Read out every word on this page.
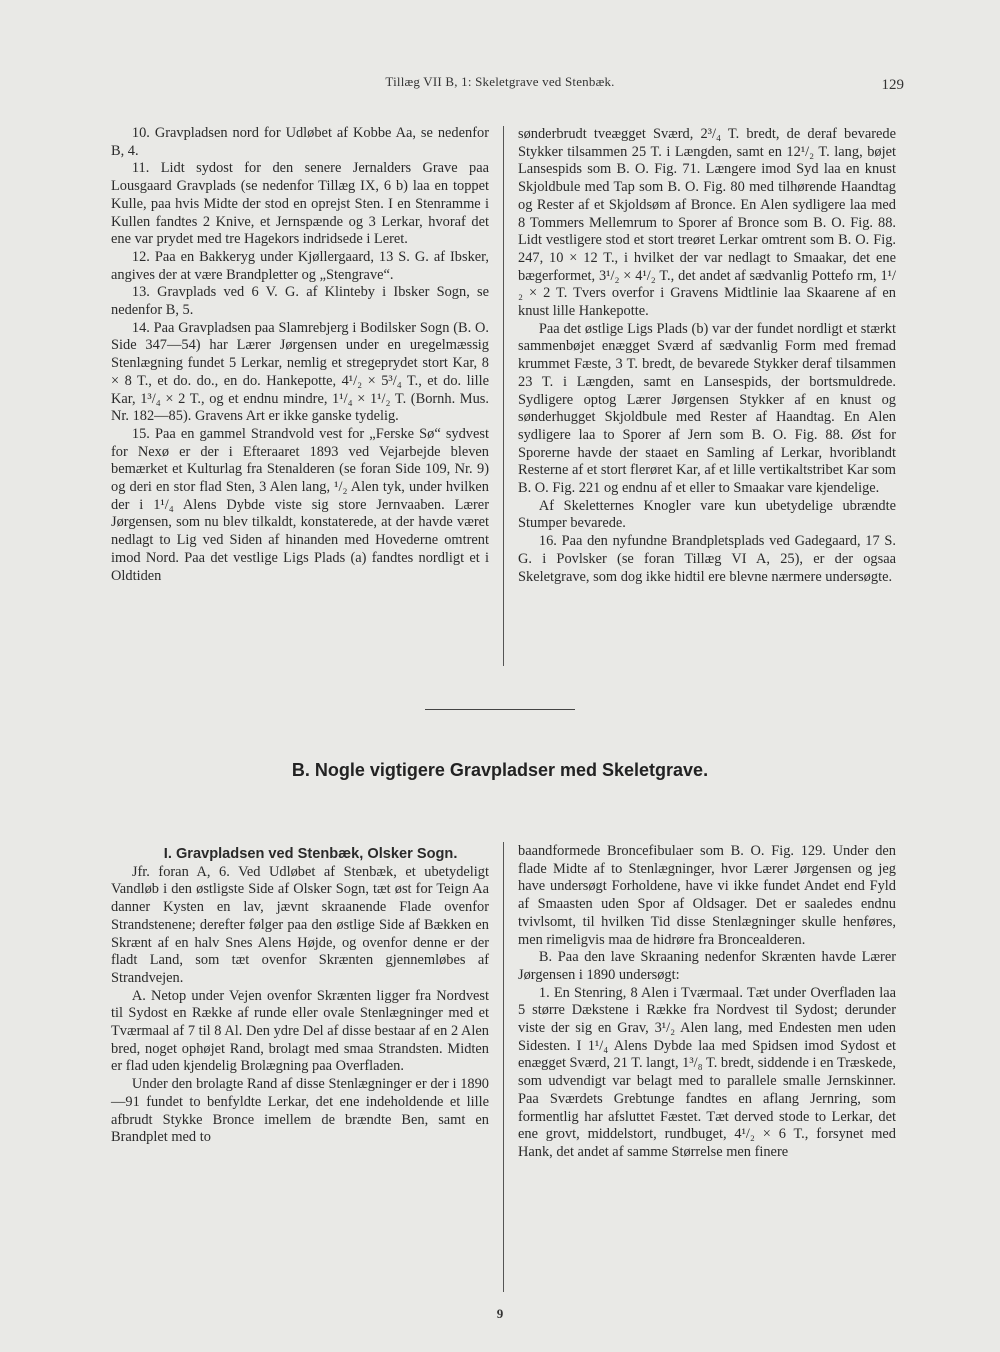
Tillæg VII B, 1: Skeletgrave ved Stenbæk.	129

10. Gravpladsen nord for Udløbet af Kobbe Aa, se nedenfor B, 4.

11. Lidt sydost for den senere Jernalders Grave paa Lousgaard Gravplads (se nedenfor Tillæg IX, 6 b) laa en toppet Kulle, paa hvis Midte der stod en oprejst Sten. I en Stenramme i Kullen fandtes 2 Knive, et Jernspænde og 3 Lerkar, hvoraf det ene var prydet med tre Hagekors indridsede i Leret.

12. Paa en Bakkeryg under Kjøllergaard, 13 S. G. af Ibsker, angives der at være Brandpletter og „Stengrave“.

13. Gravplads ved 6 V. G. af Klinteby i Ibsker Sogn, se nedenfor B, 5.

14. Paa Gravpladsen paa Slamrebjerg i Bodilsker Sogn (B. O. Side 347—54) har Lærer Jørgensen under en uregelmæssig Stenlægning fundet 5 Lerkar, nemlig et stregeprydet stort Kar, 8 × 8 T., et do. do., en do. Hankepotte, 4¹/₂ × 5³/₄ T., et do. lille Kar, 1³/₄ × 2 T., og et endnu mindre, 1¹/₄ × 1¹/₂ T. (Bornh. Mus. Nr. 182—85). Gravens Art er ikke ganske tydelig.

15. Paa en gammel Strandvold vest for „Ferske Sø“ sydvest for Nexø er der i Efteraaret 1893 ved Vejarbejde bleven bemærket et Kulturlag fra Stenalderen (se foran Side 109, Nr. 9) og deri en stor flad Sten, 3 Alen lang, ¹/₂ Alen tyk, under hvilken der i 1¹/₄ Alens Dybde viste sig store Jernvaaben. Lærer Jørgensen, som nu blev tilkaldt, konstaterede, at der havde været nedlagt to Lig ved Siden af hinanden med Hovederne omtrent imod Nord. Paa det vestlige Ligs Plads (a) fandtes nordligt et i Oldtiden

sønderbrudt tveægget Sværd, 2³/₄ T. bredt, de deraf bevarede Stykker tilsammen 25 T. i Længden, samt en 12¹/₂ T. lang, bøjet Lansespids som B. O. Fig. 71. Længere imod Syd laa en knust Skjoldbule med Tap som B. O. Fig. 80 med tilhørende Haandtag og Rester af et Skjoldsøm af Bronce. En Alen sydligere laa med 8 Tommers Mellemrum to Sporer af Bronce som B. O. Fig. 88. Lidt vestligere stod et stort treøret Lerkar omtrent som B. O. Fig. 247, 10 × 12 T., i hvilket der var nedlagt to Smaakar, det ene bægerformet, 3¹/₂ × 4¹/₂ T., det andet af sædvanlig Pottefo rm, 1¹/₂ × 2 T. Tvers overfor i Gravens Midtlinie laa Skaarene af en knust lille Hankepotte.

Paa det østlige Ligs Plads (b) var der fundet nordligt et stærkt sammenbøjet enægget Sværd af sædvanlig Form med fremad krummet Fæste, 3 T. bredt, de bevarede Stykker deraf tilsammen 23 T. i Længden, samt en Lansespids, der bortsmuldrede. Sydligere optog Lærer Jørgensen Stykker af en knust og sønderhugget Skjoldbule med Rester af Haandtag. En Alen sydligere laa to Sporer af Jern som B. O. Fig. 88. Øst for Sporerne havde der staaet en Samling af Lerkar, hvoriblandt Resterne af et stort flerøret Kar, af et lille vertikaltstribet Kar som B. O. Fig. 221 og endnu af et eller to Smaakar vare kjendelige.

Af Skeletternes Knogler vare kun ubetydelige ubrændte Stumper bevarede.

16. Paa den nyfundne Brandpletsplads ved Gadegaard, 17 S. G. i Povlsker (se foran Tillæg VI A, 25), er der ogsaa Skeletgrave, som dog ikke hidtil ere blevne nærmere undersøgte.

B. Nogle vigtigere Gravpladser med Skeletgrave.

I. Gravpladsen ved Stenbæk, Olsker Sogn.

Jfr. foran A, 6. Ved Udløbet af Stenbæk, et ubetydeligt Vandløb i den østligste Side af Olsker Sogn, tæt øst for Teign Aa danner Kysten en lav, jævnt skraanende Flade ovenfor Strandstenene; derefter følger paa den østlige Side af Bækken en Skrænt af en halv Snes Alens Højde, og ovenfor denne er der fladt Land, som tæt ovenfor Skrænten gjennemløbes af Strandvejen.

A. Netop under Vejen ovenfor Skrænten ligger fra Nordvest til Sydost en Række af runde eller ovale Stenlægninger med et Tværmaal af 7 til 8 Al. Den ydre Del af disse bestaar af en 2 Alen bred, noget ophøjet Rand, brolagt med smaa Strandsten. Midten er flad uden kjendelig Brolægning paa Overfladen.

Under den brolagte Rand af disse Stenlægninger er der i 1890—91 fundet to benfyldte Lerkar, det ene indeholdende et lille afbrudt Stykke Bronce imellem de brændte Ben, samt en Brandplet med to

baandformede Broncefibulaer som B. O. Fig. 129. Under den flade Midte af to Stenlægninger, hvor Lærer Jørgensen og jeg have undersøgt Forholdene, have vi ikke fundet Andet end Fyld af Smaasten uden Spor af Oldsager. Det er saaledes endnu tvivlsomt, til hvilken Tid disse Stenlægninger skulle henføres, men rimeligvis maa de hidrøre fra Broncealderen.

B. Paa den lave Skraaning nedenfor Skrænten havde Lærer Jørgensen i 1890 undersøgt:

1. En Stenring, 8 Alen i Tværmaal. Tæt under Overfladen laa 5 større Dækstene i Række fra Nordvest til Sydost; derunder viste der sig en Grav, 3¹/₂ Alen lang, med Endesten men uden Sidesten. I 1¹/₄ Alens Dybde laa med Spidsen imod Sydost et enægget Sværd, 21 T. langt, 1³/₈ T. bredt, siddende i en Træskede, som udvendigt var belagt med to parallele smalle Jernskinner. Paa Sværdets Grebtunge fandtes en aflang Jernring, som formentlig har afsluttet Fæstet. Tæt derved stode to Lerkar, det ene grovt, middelstort, rundbuget, 4¹/₂ × 6 T., forsynet med Hank, det andet af samme Størrelse men finere

9
